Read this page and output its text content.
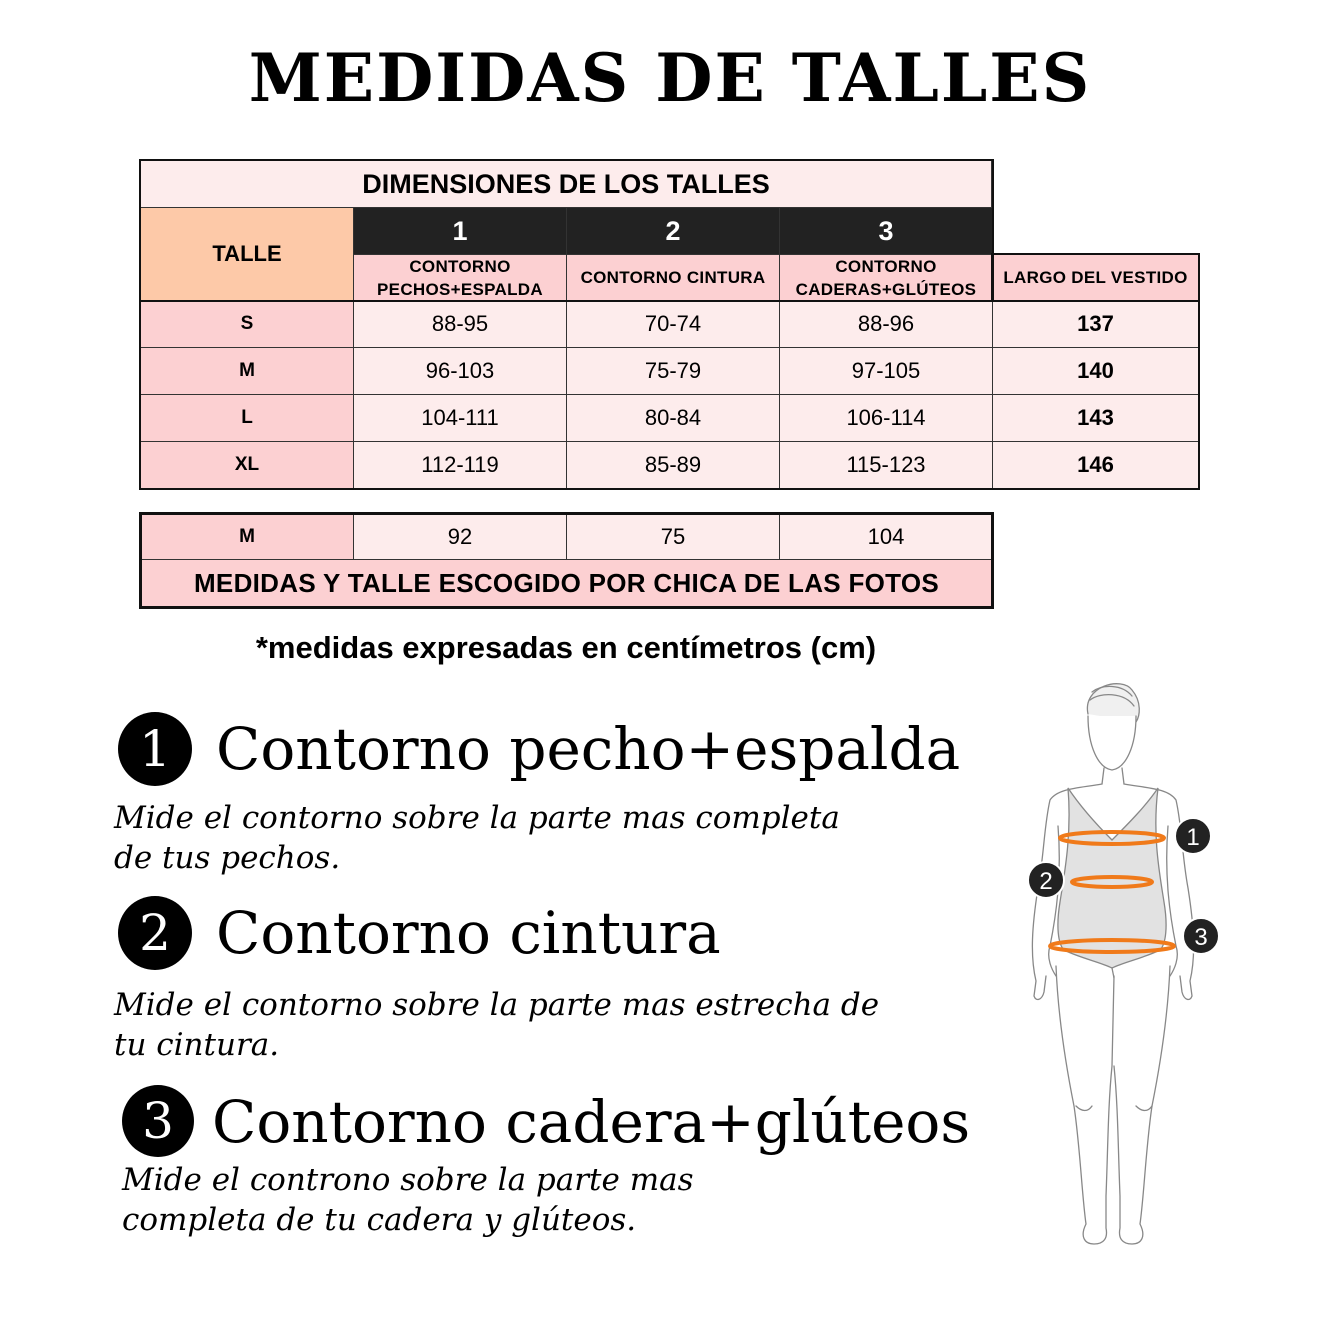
MEDIDAS DE TALLES
DIMENSIONES DE LOS TALLES
TALLE
1	2	3
CONTORNO PECHOS+ESPALDA
CONTORNO CINTURA
CONTORNO CADERAS+GLÚTEOS
LARGO DEL VESTIDO
S	88-95	70-74	88-96	137
M	96-103	75-79	97-105	140
L	104-111	80-84	106-114	143
XL	112-119	85-89	115-123	146
M	92	75	104
MEDIDAS Y TALLE ESCOGIDO POR CHICA DE LAS FOTOS
*medidas expresadas en centímetros (cm)
1 Contorno pecho+espalda
Mide el contorno sobre la parte mas completa de tus pechos.
2 Contorno cintura
Mide el contorno sobre la parte mas estrecha de tu cintura.
3 Contorno cadera+glúteos
Mide el controno sobre la parte mas completa de tu cadera y glúteos.
1
2
3
